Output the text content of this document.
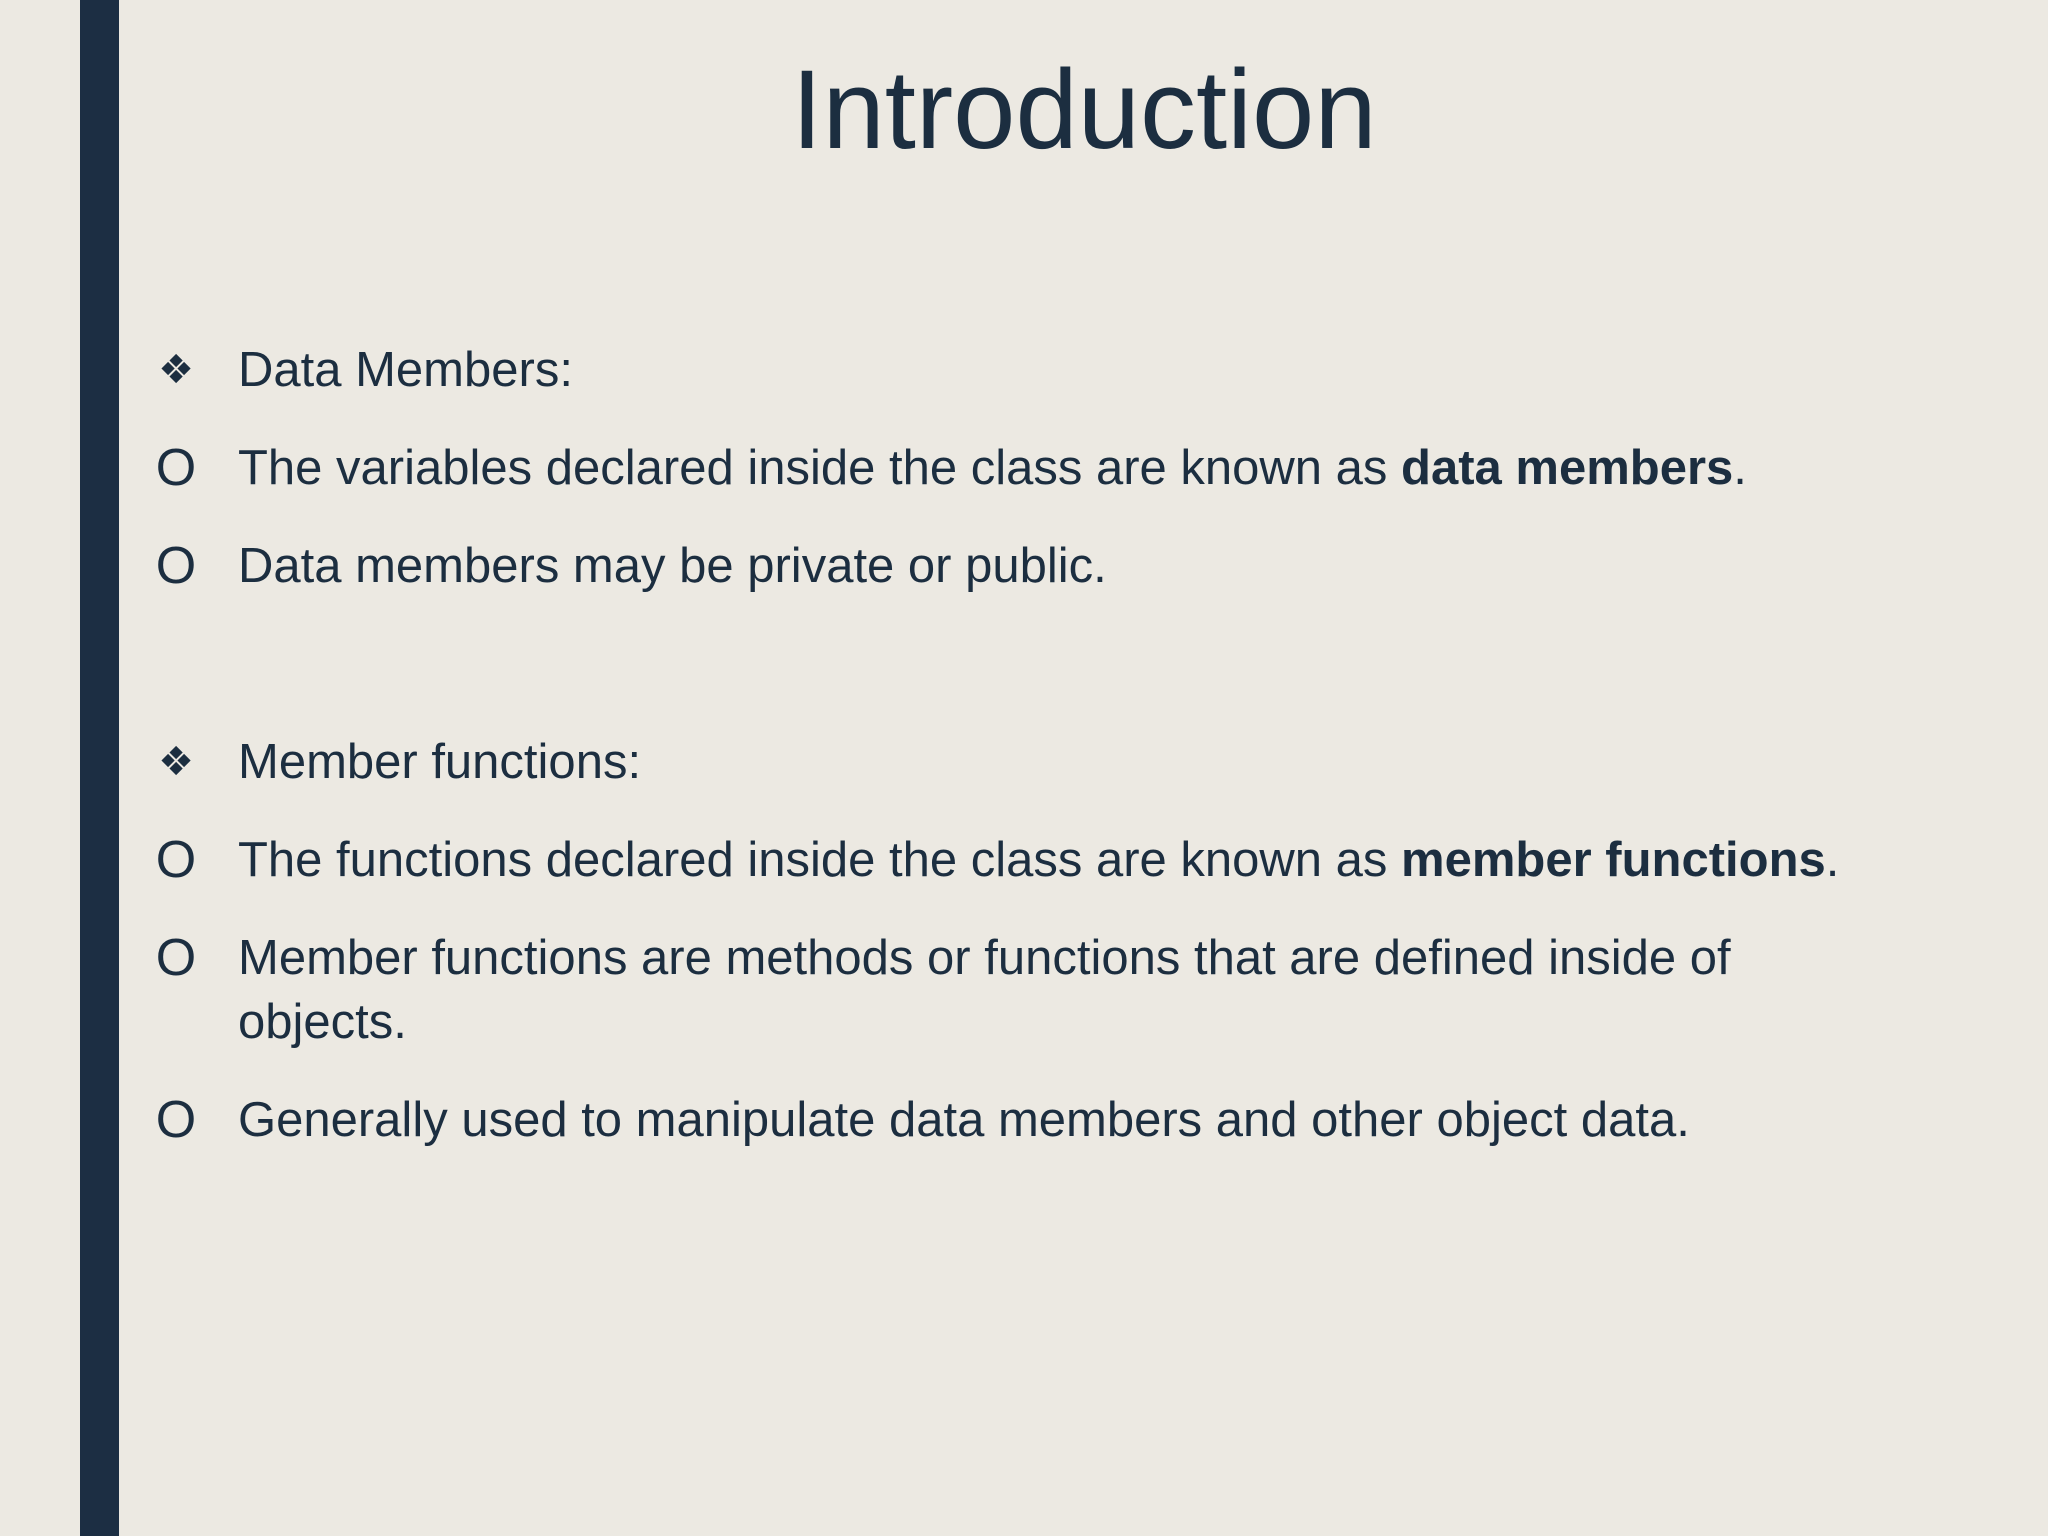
Introduction
❖ Data Members:
O The variables declared inside the class are known as data members.
O Data members may be private or public.
❖ Member functions:
O The functions declared inside the class are known as member functions.
O Member functions are methods or functions that are defined inside of objects.
O Generally used to manipulate data members and other object data.
